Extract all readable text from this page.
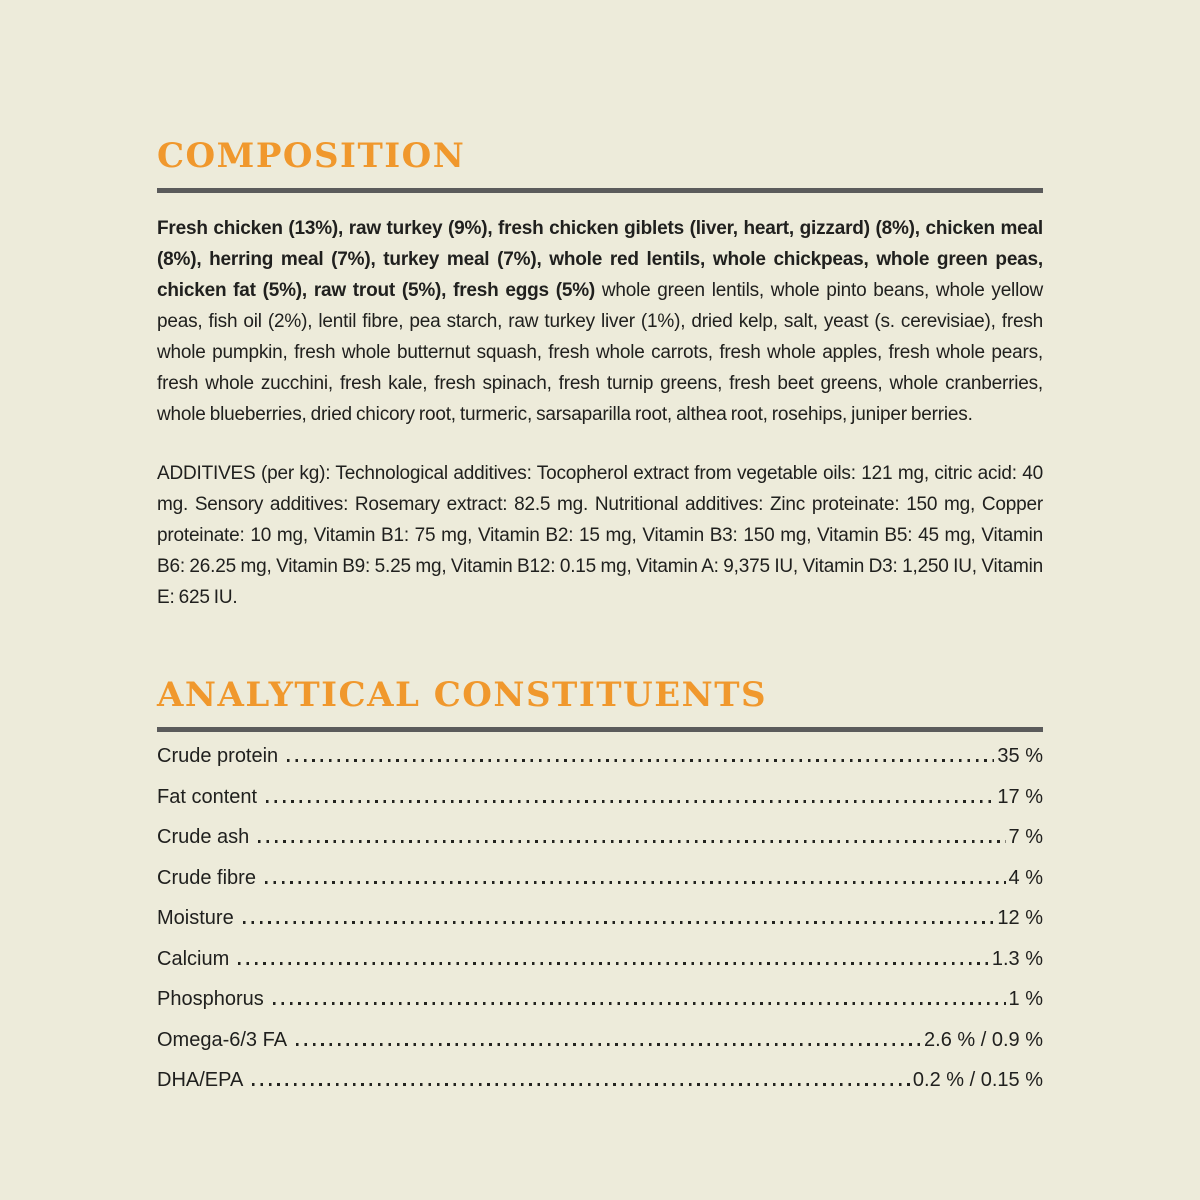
COMPOSITION

Fresh chicken (13%), raw turkey (9%), fresh chicken giblets (liver, heart, gizzard) (8%), chicken meal (8%), herring meal (7%), turkey meal (7%), whole red lentils, whole chickpeas, whole green peas, chicken fat (5%), raw trout (5%), fresh eggs (5%) whole green lentils, whole pinto beans, whole yellow peas, fish oil (2%), lentil fibre, pea starch, raw turkey liver (1%), dried kelp, salt, yeast (s. cerevisiae), fresh whole pumpkin, fresh whole butternut squash, fresh whole carrots, fresh whole apples, fresh whole pears, fresh whole zucchini, fresh kale, fresh spinach, fresh turnip greens, fresh beet greens, whole cranberries, whole blueberries, dried chicory root, turmeric, sarsaparilla root, althea root, rosehips, juniper berries.

ADDITIVES (per kg): Technological additives: Tocopherol extract from vegetable oils: 121 mg, citric acid: 40 mg. Sensory additives: Rosemary extract: 82.5 mg. Nutritional additives: Zinc proteinate: 150 mg, Copper proteinate: 10 mg, Vitamin B1: 75 mg, Vitamin B2: 15 mg, Vitamin B3: 150 mg, Vitamin B5: 45 mg, Vitamin B6: 26.25 mg, Vitamin B9: 5.25 mg, Vitamin B12: 0.15 mg, Vitamin A: 9,375 IU, Vitamin D3: 1,250 IU, Vitamin E: 625 IU.

ANALYTICAL CONSTITUENTS
Crude protein	35 %
Fat content	17 %
Crude ash	7 %
Crude fibre	4 %
Moisture	12 %
Calcium	1.3 %
Phosphorus	1 %
Omega-6/3 FA	2.6 % / 0.9 %
DHA/EPA	0.2 % / 0.15 %
